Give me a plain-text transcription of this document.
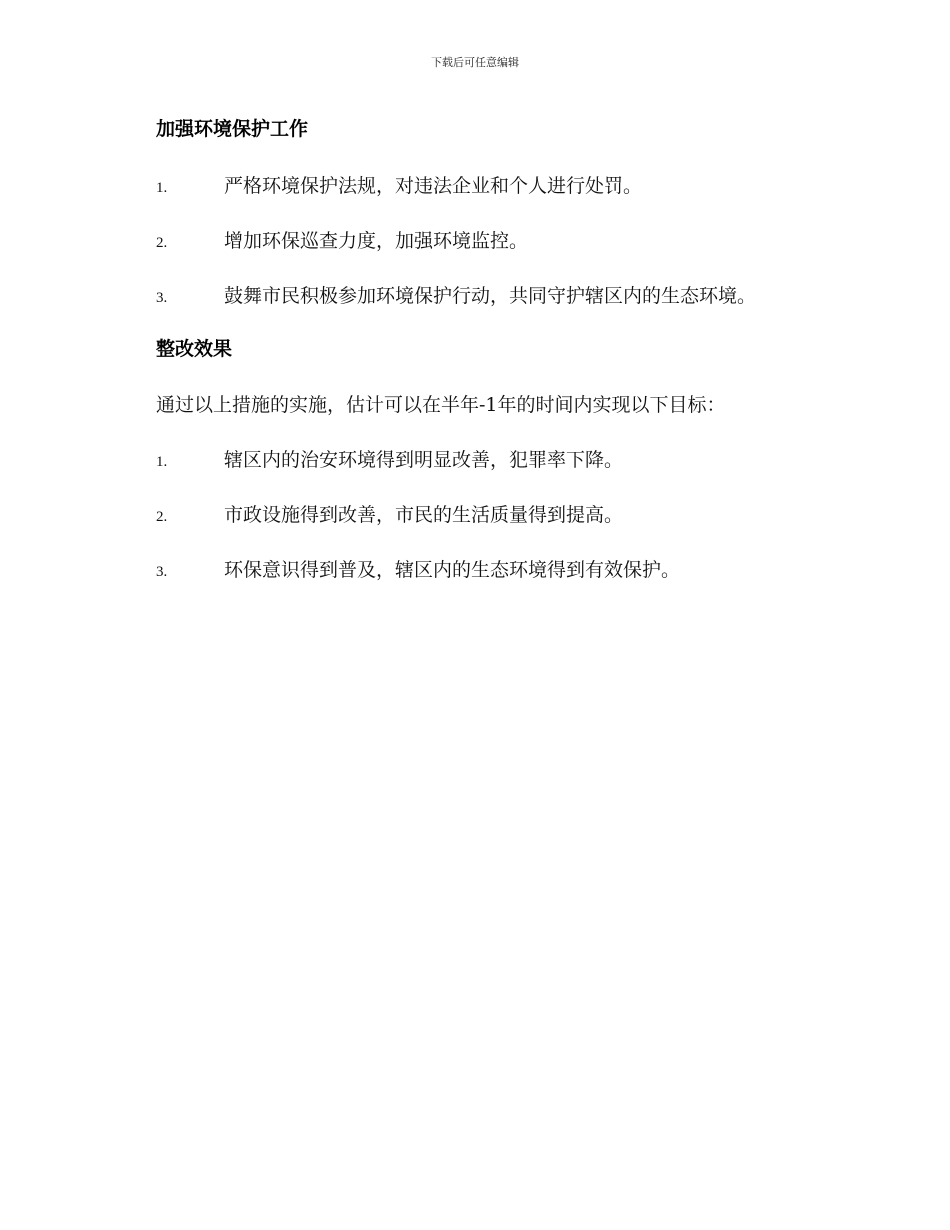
下载后可任意编辑
加强环境保护工作
1.	严格环境保护法规，对违法企业和个人进行处罚。
2.	增加环保巡查力度，加强环境监控。
3.	鼓舞市民积极参加环境保护行动，共同守护辖区内的生态环境。
整改效果

通过以上措施的实施，估计可以在半年-1年的时间内实现以下目标：

1.	辖区内的治安环境得到明显改善，犯罪率下降。
2.	市政设施得到改善，市民的生活质量得到提高。
3.	环保意识得到普及，辖区内的生态环境得到有效保护。
